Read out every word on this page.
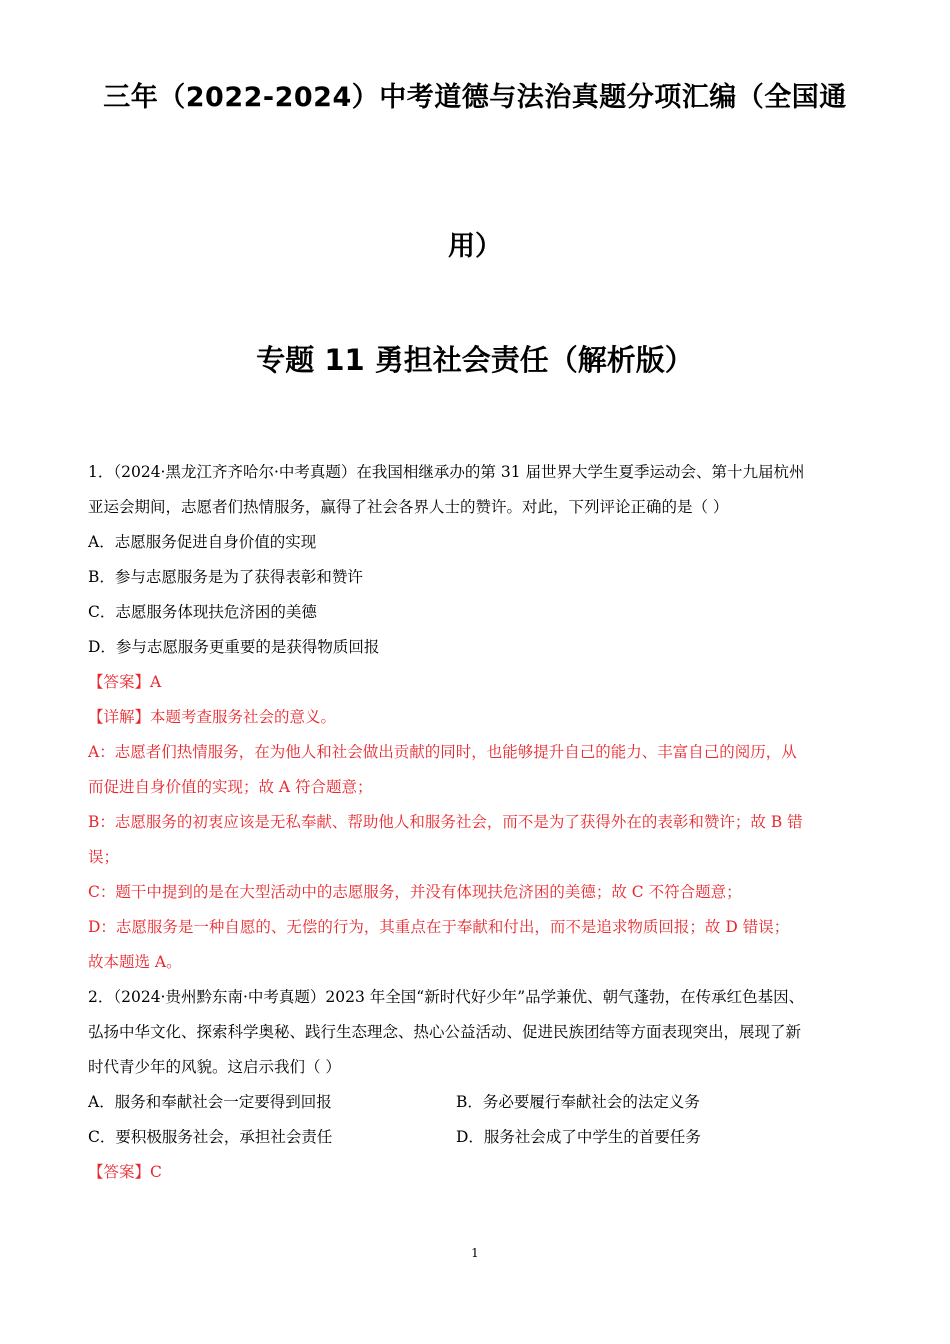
三年（2022-2024）中考道德与法治真题分项汇编（全国通
用）
专题 11 勇担社会责任（解析版）

1．（2024·黑龙江齐齐哈尔·中考真题）在我国相继承办的第 31 届世界大学生夏季运动会、第十九届杭州

亚运会期间，志愿者们热情服务，赢得了社会各界人士的赞许。对此，下列评论正确的是（ ）

A．志愿服务促进自身价值的实现

B．参与志愿服务是为了获得表彰和赞许

C．志愿服务体现扶危济困的美德

D．参与志愿服务更重要的是获得物质回报

【答案】A

【详解】本题考查服务社会的意义。

A：志愿者们热情服务，在为他人和社会做出贡献的同时，也能够提升自己的能力、丰富自己的阅历，从

而促进自身价值的实现；故 A 符合题意；

B：志愿服务的初衷应该是无私奉献、帮助他人和服务社会，而不是为了获得外在的表彰和赞许；故 B 错

误；

C：题干中提到的是在大型活动中的志愿服务，并没有体现扶危济困的美德；故 C 不符合题意；

D：志愿服务是一种自愿的、无偿的行为，其重点在于奉献和付出，而不是追求物质回报；故 D 错误；

故本题选 A。

2．（2024·贵州黔东南·中考真题）2023 年全国“新时代好少年”品学兼优、朝气蓬勃，在传承红色基因、

弘扬中华文化、探索科学奥秘、践行生态理念、热心公益活动、促进民族团结等方面表现突出，展现了新

时代青少年的风貌。这启示我们（ ）

A．服务和奉献社会一定要得到回报	B．务必要履行奉献社会的法定义务
C．要积极服务社会，承担社会责任	D．服务社会成了中学生的首要任务

【答案】C

1
